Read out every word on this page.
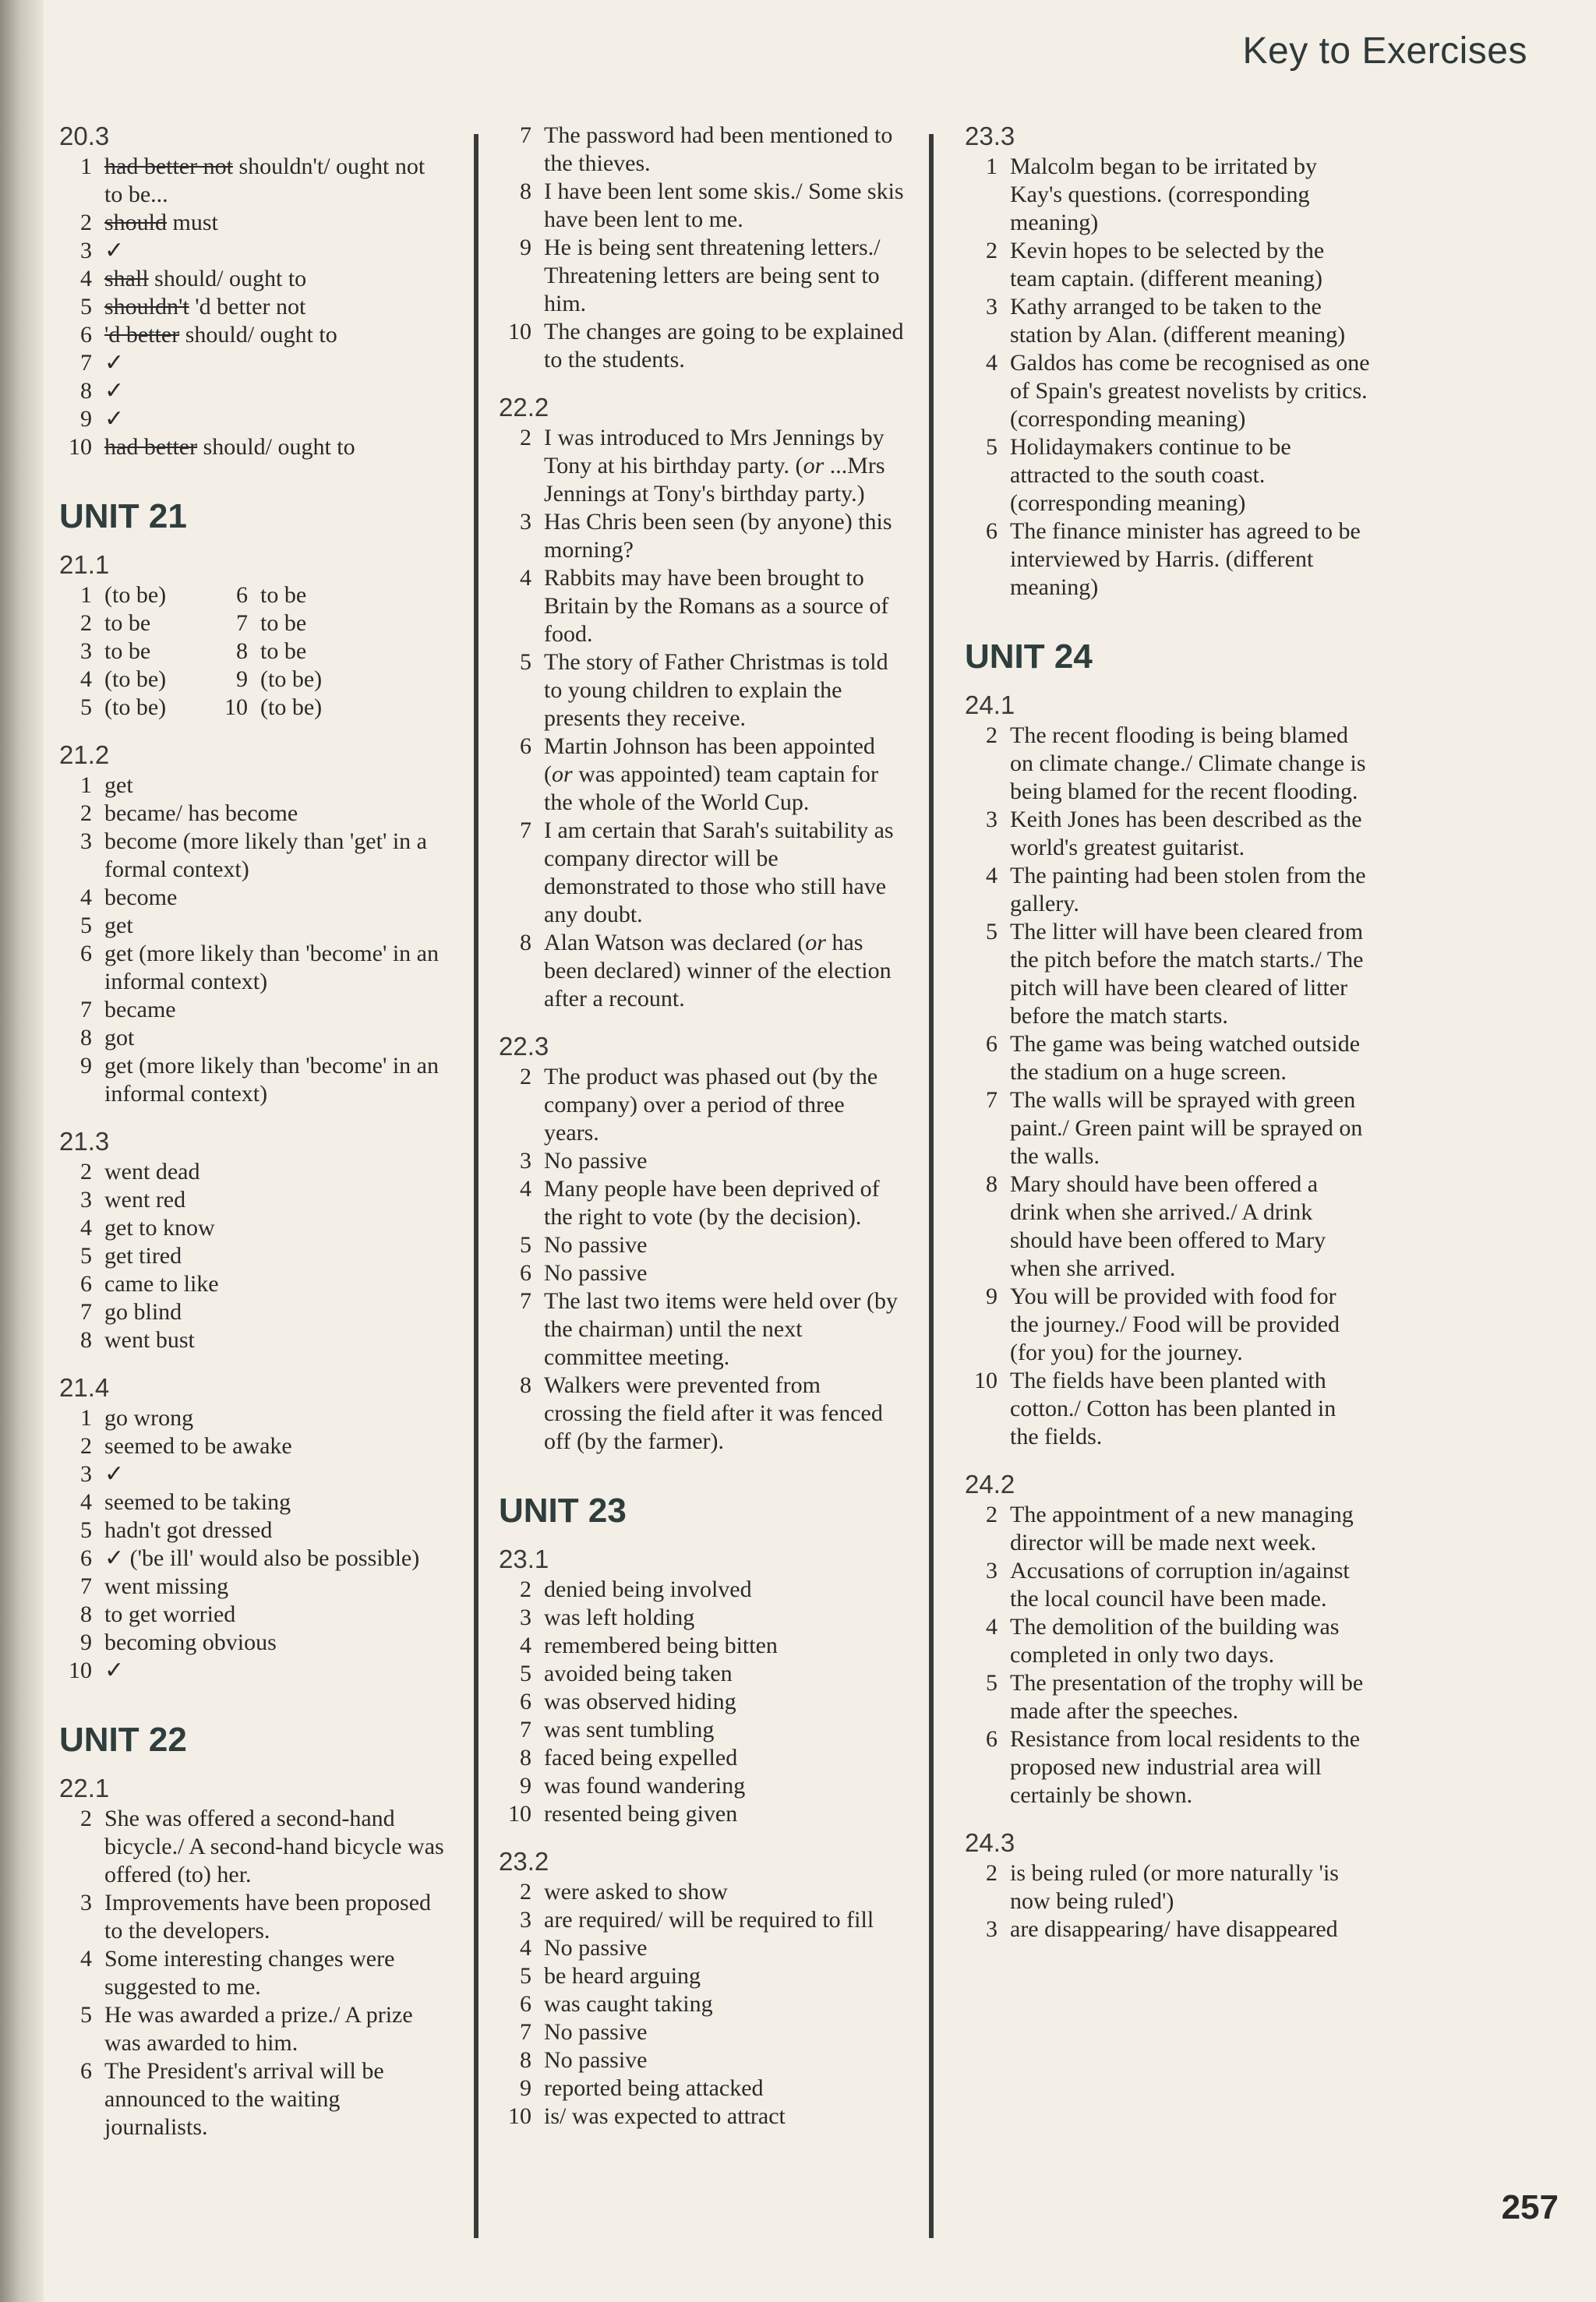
Key to Exercises
20.3
1 had better not shouldn't/ ought not to be...
2 should must
3 ✓
4 shall should/ ought to
5 shouldn't 'd better not
6 'd better should/ ought to
7 ✓
8 ✓
9 ✓
10 had better should/ ought to
UNIT 21
21.1
1 (to be)
2 to be
3 to be
4 (to be)
5 (to be)
6 to be
7 to be
8 to be
9 (to be)
10 (to be)
21.2
1 get
2 became/ has become
3 become (more likely than 'get' in a formal context)
4 become
5 get
6 get (more likely than 'become' in an informal context)
7 became
8 got
9 get (more likely than 'become' in an informal context)
21.3
2 went dead
3 went red
4 get to know
5 get tired
6 came to like
7 go blind
8 went bust
21.4
1 go wrong
2 seemed to be awake
3 ✓
4 seemed to be taking
5 hadn't got dressed
6 ✓ ('be ill' would also be possible)
7 went missing
8 to get worried
9 becoming obvious
10 ✓
UNIT 22
22.1
2 She was offered a second-hand bicycle./ A second-hand bicycle was offered (to) her.
3 Improvements have been proposed to the developers.
4 Some interesting changes were suggested to me.
5 He was awarded a prize./ A prize was awarded to him.
6 The President's arrival will be announced to the waiting journalists.
7 The password had been mentioned to the thieves.
8 I have been lent some skis./ Some skis have been lent to me.
9 He is being sent threatening letters./ Threatening letters are being sent to him.
10 The changes are going to be explained to the students.
22.2
2 I was introduced to Mrs Jennings by Tony at his birthday party. (or ...Mrs Jennings at Tony's birthday party.)
3 Has Chris been seen (by anyone) this morning?
4 Rabbits may have been brought to Britain by the Romans as a source of food.
5 The story of Father Christmas is told to young children to explain the presents they receive.
6 Martin Johnson has been appointed (or was appointed) team captain for the whole of the World Cup.
7 I am certain that Sarah's suitability as company director will be demonstrated to those who still have any doubt.
8 Alan Watson was declared (or has been declared) winner of the election after a recount.
22.3
2 The product was phased out (by the company) over a period of three years.
3 No passive
4 Many people have been deprived of the right to vote (by the decision).
5 No passive
6 No passive
7 The last two items were held over (by the chairman) until the next committee meeting.
8 Walkers were prevented from crossing the field after it was fenced off (by the farmer).
UNIT 23
23.1
2 denied being involved
3 was left holding
4 remembered being bitten
5 avoided being taken
6 was observed hiding
7 was sent tumbling
8 faced being expelled
9 was found wandering
10 resented being given
23.2
2 were asked to show
3 are required/ will be required to fill
4 No passive
5 be heard arguing
6 was caught taking
7 No passive
8 No passive
9 reported being attacked
10 is/ was expected to attract
23.3
1 Malcolm began to be irritated by Kay's questions. (corresponding meaning)
2 Kevin hopes to be selected by the team captain. (different meaning)
3 Kathy arranged to be taken to the station by Alan. (different meaning)
4 Galdos has come be recognised as one of Spain's greatest novelists by critics. (corresponding meaning)
5 Holidaymakers continue to be attracted to the south coast. (corresponding meaning)
6 The finance minister has agreed to be interviewed by Harris. (different meaning)
UNIT 24
24.1
2 The recent flooding is being blamed on climate change./ Climate change is being blamed for the recent flooding.
3 Keith Jones has been described as the world's greatest guitarist.
4 The painting had been stolen from the gallery.
5 The litter will have been cleared from the pitch before the match starts./ The pitch will have been cleared of litter before the match starts.
6 The game was being watched outside the stadium on a huge screen.
7 The walls will be sprayed with green paint./ Green paint will be sprayed on the walls.
8 Mary should have been offered a drink when she arrived./ A drink should have been offered to Mary when she arrived.
9 You will be provided with food for the journey./ Food will be provided (for you) for the journey.
10 The fields have been planted with cotton./ Cotton has been planted in the fields.
24.2
2 The appointment of a new managing director will be made next week.
3 Accusations of corruption in/against the local council have been made.
4 The demolition of the building was completed in only two days.
5 The presentation of the trophy will be made after the speeches.
6 Resistance from local residents to the proposed new industrial area will certainly be shown.
24.3
2 is being ruled (or more naturally 'is now being ruled')
3 are disappearing/ have disappeared
257
